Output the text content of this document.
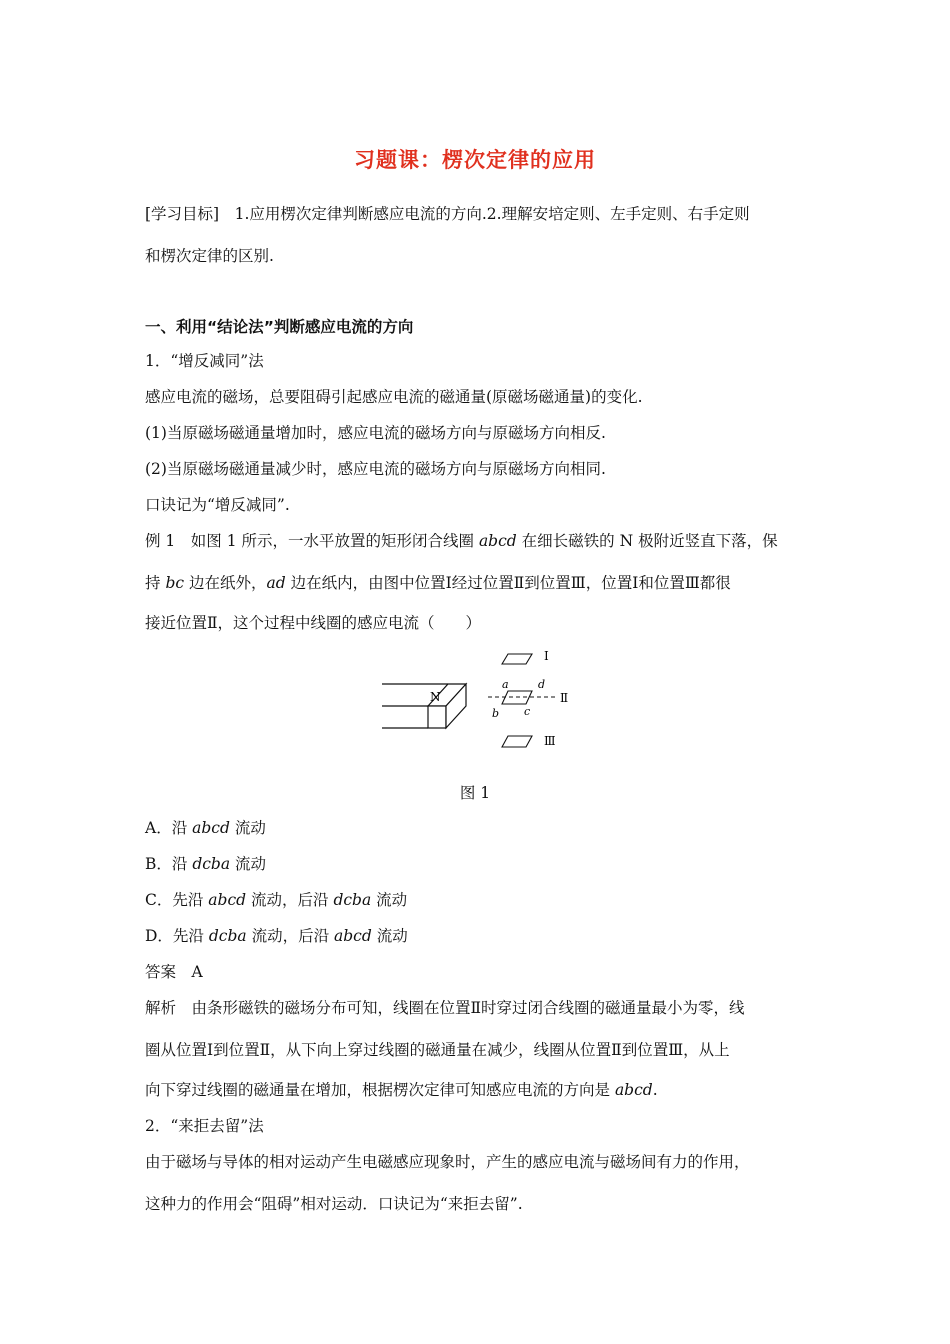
习题课：楞次定律的应用
[学习目标]　1.应用楞次定律判断感应电流的方向.2.理解安培定则、左手定则、右手定则
和楞次定律的区别.
一、利用“结论法”判断感应电流的方向
1．“增反减同”法
感应电流的磁场，总要阻碍引起感应电流的磁通量(原磁场磁通量)的变化.
(1)当原磁场磁通量增加时，感应电流的磁场方向与原磁场方向相反.
(2)当原磁场磁通量减少时，感应电流的磁场方向与原磁场方向相同.
口诀记为“增反减同”.
例 1　如图 1 所示，一水平放置的矩形闭合线圈 abcd 在细长磁铁的 N 极附近竖直下落，保
持 bc 边在纸外，ad 边在纸内，由图中位置Ⅰ经过位置Ⅱ到位置Ⅲ，位置Ⅰ和位置Ⅲ都很
接近位置Ⅱ，这个过程中线圈的感应电流（　　）
N
Ⅰ
a	d
b c
Ⅱ
Ⅲ
图 1
A．沿 abcd 流动
B．沿 dcba 流动
C．先沿 abcd 流动，后沿 dcba 流动
D．先沿 dcba 流动，后沿 abcd 流动
答案　A
解析　由条形磁铁的磁场分布可知，线圈在位置Ⅱ时穿过闭合线圈的磁通量最小为零，线
圈从位置Ⅰ到位置Ⅱ，从下向上穿过线圈的磁通量在减少，线圈从位置Ⅱ到位置Ⅲ，从上
向下穿过线圈的磁通量在增加，根据楞次定律可知感应电流的方向是 abcd.
2．“来拒去留”法
由于磁场与导体的相对运动产生电磁感应现象时，产生的感应电流与磁场间有力的作用，
这种力的作用会“阻碍”相对运动．口诀记为“来拒去留”.
